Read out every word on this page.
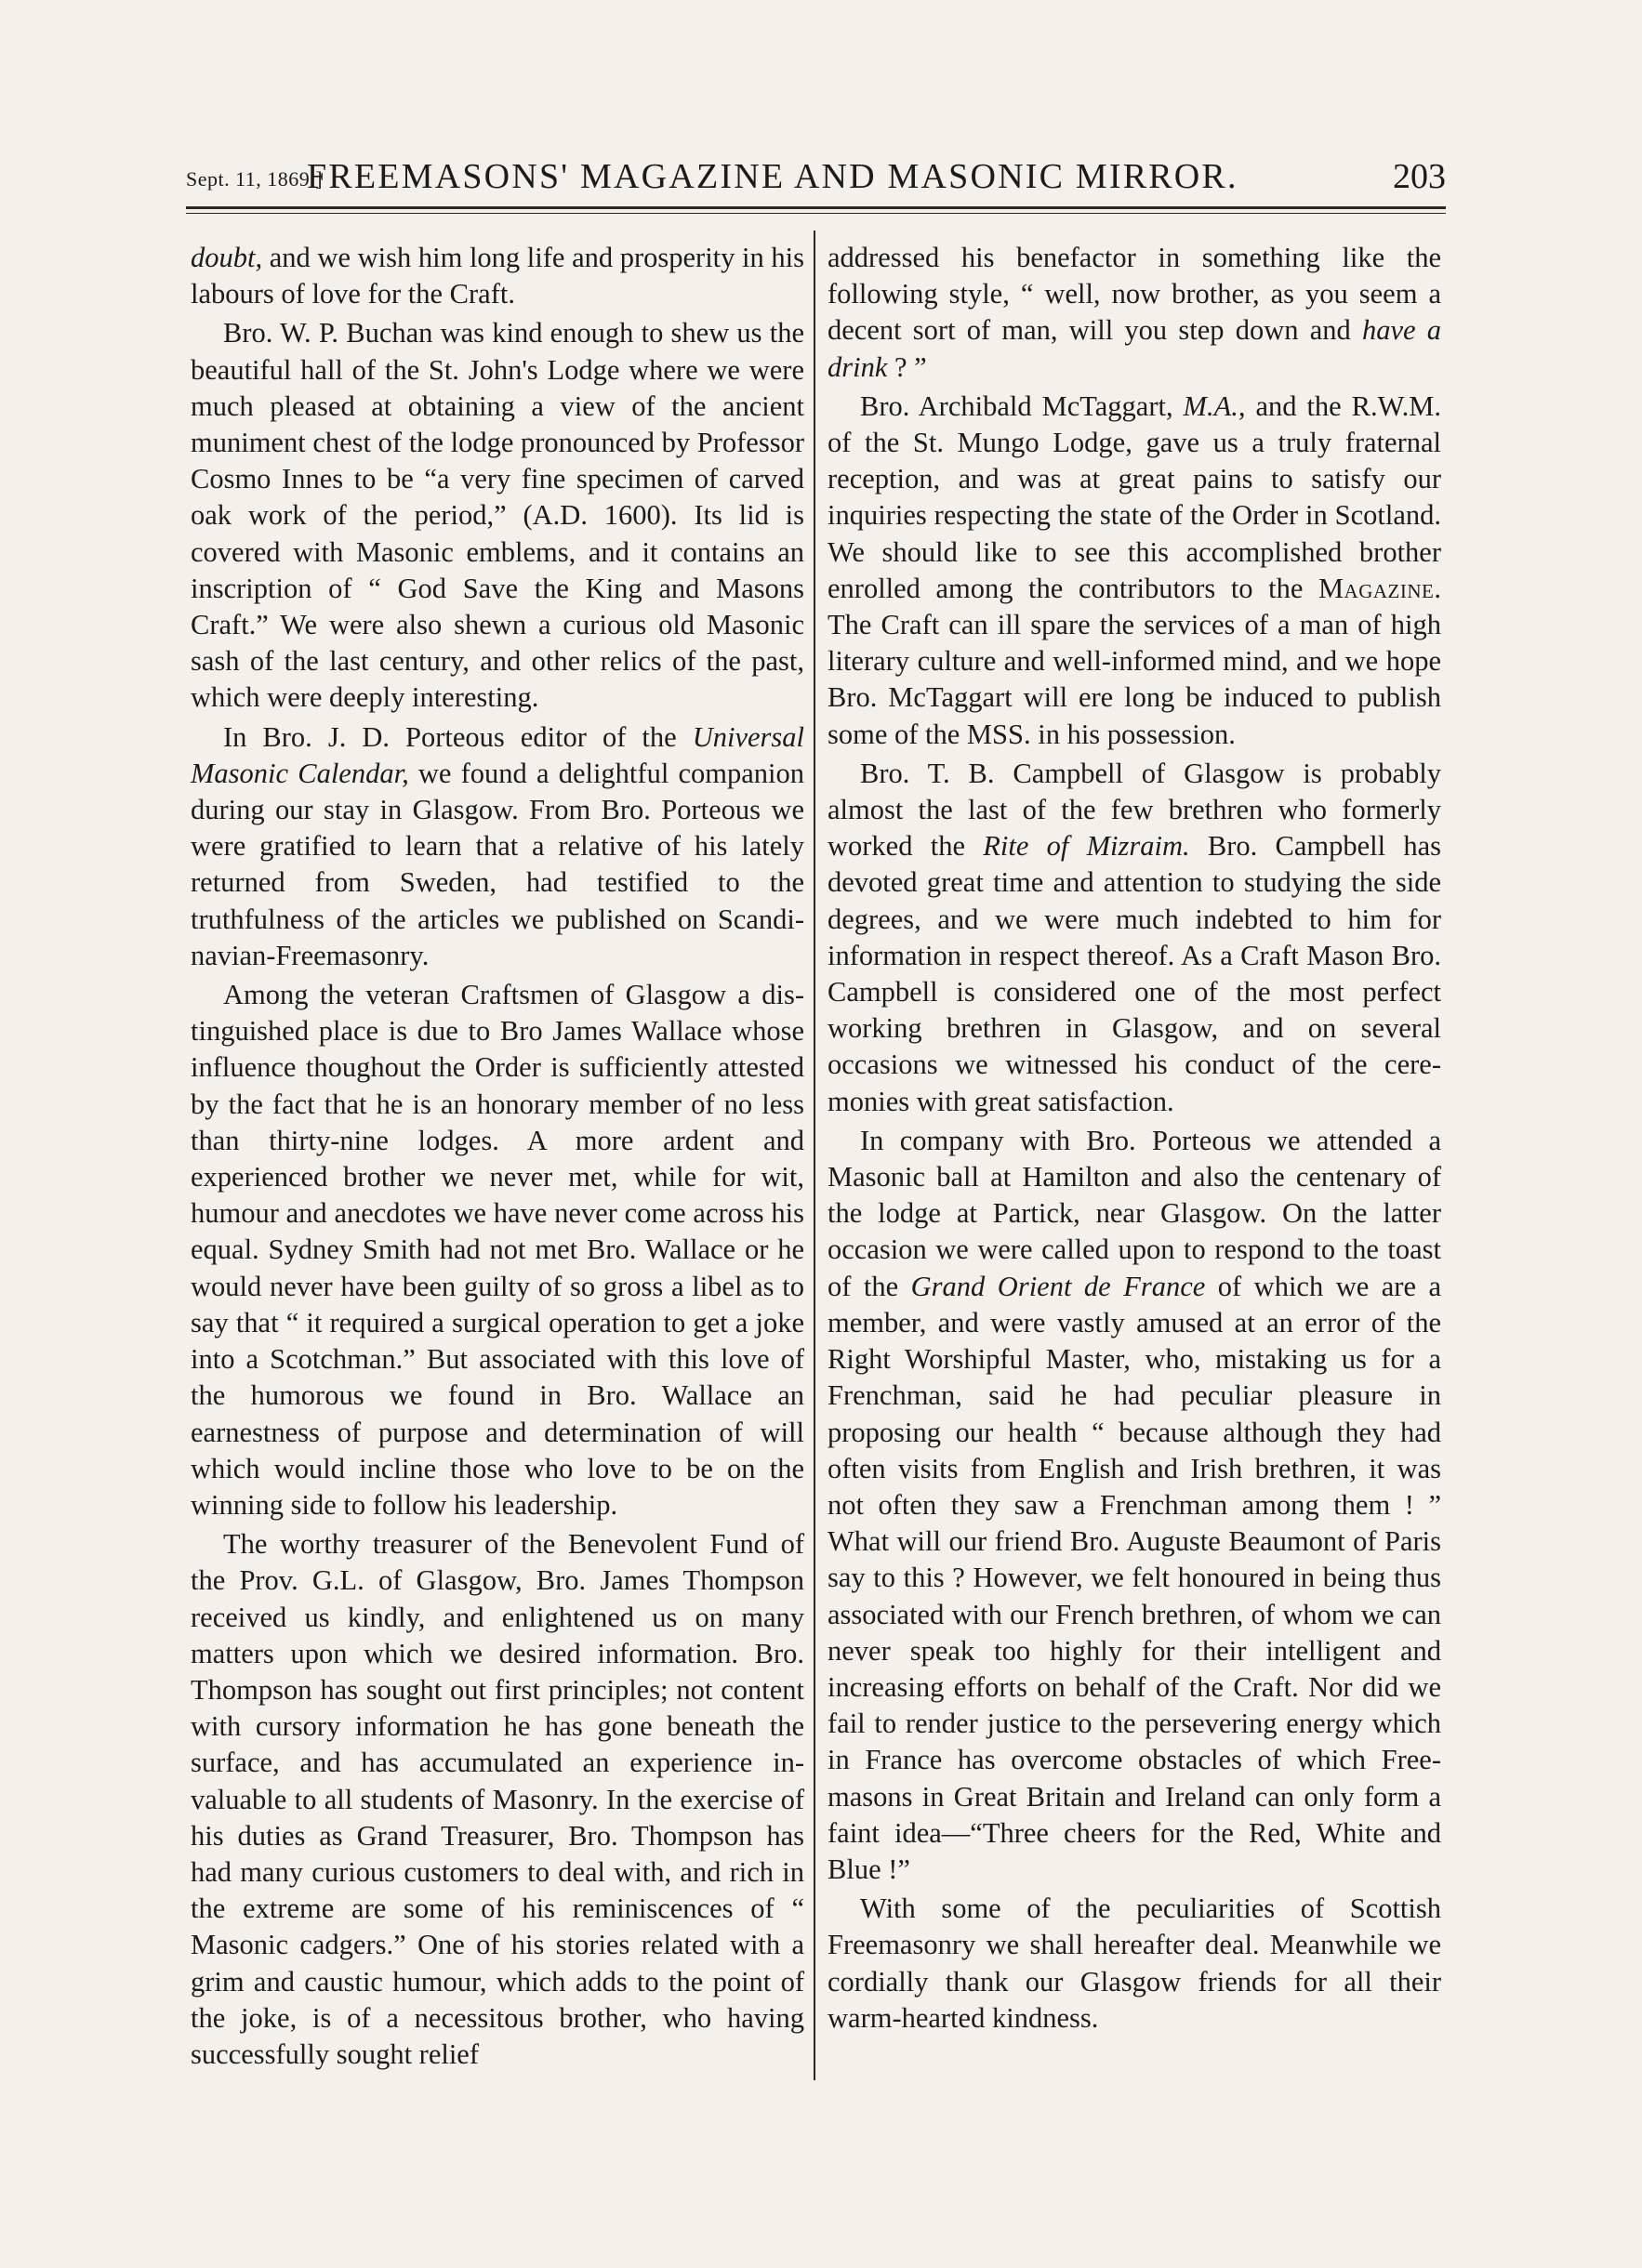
Sept. 11, 1869.]
FREEMASONS' MAGAZINE AND MASONIC MIRROR.	203

doubt, and we wish him long life and prosperity in his labours of love for the Craft.

Bro. W. P. Buchan was kind enough to shew us the beautiful hall of the St. John's Lodge where we were much pleased at obtaining a view of the ancient muniment chest of the lodge pronounced by Professor Cosmo Innes to be “a very fine specimen of carved oak work of the period,” (A.D. 1600). Its lid is covered with Masonic emblems, and it contains an inscription of “ God Save the King and Masons Craft.” We were also shewn a curious old Masonic sash of the last century, and other relics of the past, which were deeply interesting.

In Bro. J. D. Porteous editor of the Universal Masonic Calendar, we found a delightful companion during our stay in Glasgow. From Bro. Porteous we were gratified to learn that a relative of his lately returned from Sweden, had testified to the truthfulness of the articles we published on Scandinavian-Freemasonry.

Among the veteran Craftsmen of Glasgow a distinguished place is due to Bro James Wallace whose influence thoughout the Order is sufficiently attested by the fact that he is an honorary member of no less than thirty-nine lodges. A more ardent and experienced brother we never met, while for wit, humour and anecdotes we have never come across his equal. Sydney Smith had not met Bro. Wallace or he would never have been guilty of so gross a libel as to say that “ it required a surgical operation to get a joke into a Scotchman.” But associated with this love of the humorous we found in Bro. Wallace an earnestness of purpose and determination of will which would incline those who love to be on the winning side to follow his leadership.

The worthy treasurer of the Benevolent Fund of the Prov. G.L. of Glasgow, Bro. James Thompson received us kindly, and enlightened us on many matters upon which we desired information. Bro. Thompson has sought out first principles; not content with cursory information he has gone beneath the surface, and has accumulated an experience invaluable to all students of Masonry. In the exercise of his duties as Grand Treasurer, Bro. Thompson has had many curious customers to deal with, and rich in the extreme are some of his reminiscences of “ Masonic cadgers.” One of his stories related with a grim and caustic humour, which adds to the point of the joke, is of a necessitous brother, who having successfully sought relief

addressed his benefactor in something like the following style, “ well, now brother, as you seem a decent sort of man, will you step down and have a drink ? ”

Bro. Archibald McTaggart, M.A., and the R.W.M. of the St. Mungo Lodge, gave us a truly fraternal reception, and was at great pains to satisfy our inquiries respecting the state of the Order in Scotland. We should like to see this accomplished brother enrolled among the contributors to the Magazine. The Craft can ill spare the services of a man of high literary culture and well-informed mind, and we hope Bro. McTaggart will ere long be induced to publish some of the MSS. in his possession.

Bro. T. B. Campbell of Glasgow is probably almost the last of the few brethren who formerly worked the Rite of Mizraim. Bro. Campbell has devoted great time and attention to studying the side degrees, and we were much indebted to him for information in respect thereof. As a Craft Mason Bro. Campbell is considered one of the most perfect working brethren in Glasgow, and on several occasions we witnessed his conduct of the ceremonies with great satisfaction.

In company with Bro. Porteous we attended a Masonic ball at Hamilton and also the centenary of the lodge at Partick, near Glasgow. On the latter occasion we were called upon to respond to the toast of the Grand Orient de France of which we are a member, and were vastly amused at an error of the Right Worshipful Master, who, mistaking us for a Frenchman, said he had peculiar pleasure in proposing our health “ because although they had often visits from English and Irish brethren, it was not often they saw a Frenchman among them ! ” What will our friend Bro. Auguste Beaumont of Paris say to this ? However, we felt honoured in being thus associated with our French brethren, of whom we can never speak too highly for their intelligent and increasing efforts on behalf of the Craft. Nor did we fail to render justice to the persevering energy which in France has overcome obstacles of which Freemasons in Great Britain and Ireland can only form a faint idea—“Three cheers for the Red, White and Blue !”

With some of the peculiarities of Scottish Freemasonry we shall hereafter deal. Meanwhile we cordially thank our Glasgow friends for all their warm-hearted kindness.
